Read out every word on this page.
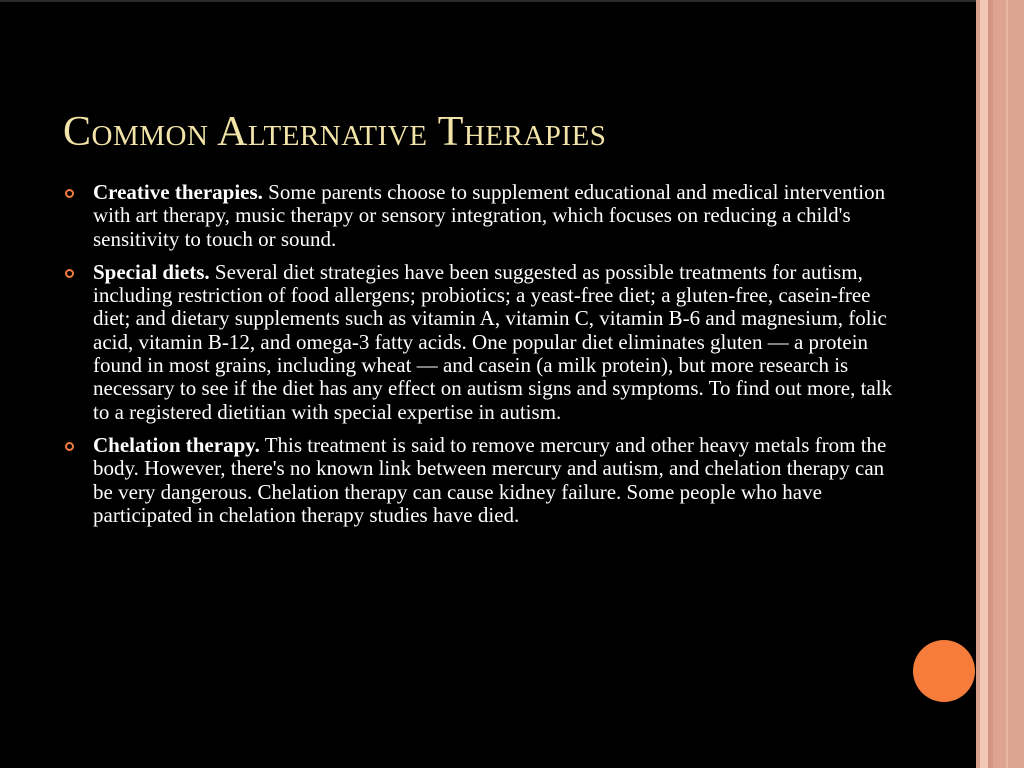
Common Alternative Therapies
Creative therapies. Some parents choose to supplement educational and medical intervention with art therapy, music therapy or sensory integration, which focuses on reducing a child's sensitivity to touch or sound.
Special diets. Several diet strategies have been suggested as possible treatments for autism, including restriction of food allergens; probiotics; a yeast-free diet; a gluten-free, casein-free diet; and dietary supplements such as vitamin A, vitamin C, vitamin B-6 and magnesium, folic acid, vitamin B-12, and omega-3 fatty acids. One popular diet eliminates gluten — a protein found in most grains, including wheat — and casein (a milk protein), but more research is necessary to see if the diet has any effect on autism signs and symptoms. To find out more, talk to a registered dietitian with special expertise in autism.
Chelation therapy. This treatment is said to remove mercury and other heavy metals from the body. However, there's no known link between mercury and autism, and chelation therapy can be very dangerous. Chelation therapy can cause kidney failure. Some people who have participated in chelation therapy studies have died.
